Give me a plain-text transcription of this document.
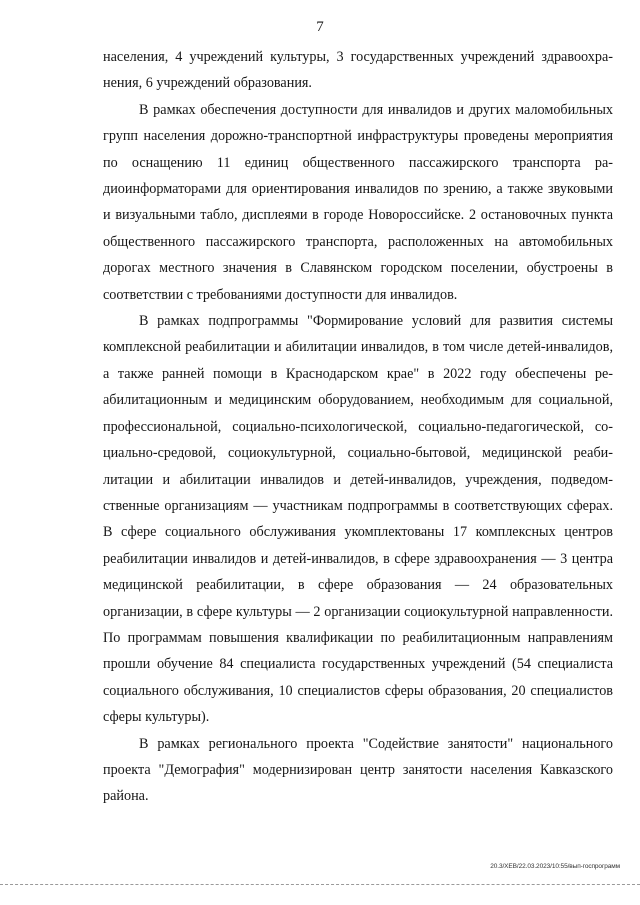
7

населения, 4 учреждений культуры, 3 государственных учреждений здравоохранения, 6 учреждений образования.

В рамках обеспечения доступности для инвалидов и других маломобильных групп населения дорожно-транспортной инфраструктуры проведены мероприятия по оснащению 11 единиц общественного пассажирского транспорта радиоинформаторами для ориентирования инвалидов по зрению, а также звуковыми и визуальными табло, дисплеями в городе Новороссийске. 2 остановочных пункта общественного пассажирского транспорта, расположенных на автомобильных дорогах местного значения в Славянском городском поселении, обустроены в соответствии с требованиями доступности для инвалидов.

В рамках подпрограммы "Формирование условий для развития системы комплексной реабилитации и абилитации инвалидов, в том числе детей-инвалидов, а также ранней помощи в Краснодарском крае" в 2022 году обеспечены реабилитационным и медицинским оборудованием, необходимым для социальной, профессиональной, социально-психологической, социально-педагогической, социально-средовой, социокультурной, социально-бытовой, медицинской реабилитации и абилитации инвалидов и детей-инвалидов, учреждения, подведомственные организациям — участникам подпрограммы в соответствующих сферах. В сфере социального обслуживания укомплектованы 17 комплексных центров реабилитации инвалидов и детей-инвалидов, в сфере здравоохранения — 3 центра медицинской реабилитации, в сфере образования — 24 образовательных организации, в сфере культуры — 2 организации социокультурной направленности. По программам повышения квалификации по реабилитационным направлениям прошли обучение 84 специалиста государственных учреждений (54 специалиста социального обслуживания, 10 специалистов сферы образования, 20 специалистов сферы культуры).

В рамках регионального проекта "Содействие занятости" национального проекта "Демография" модернизирован центр занятости населения Кавказского района.

20.3/ХЕВ/22.03.2023/10:55/вып-госпрограмм
